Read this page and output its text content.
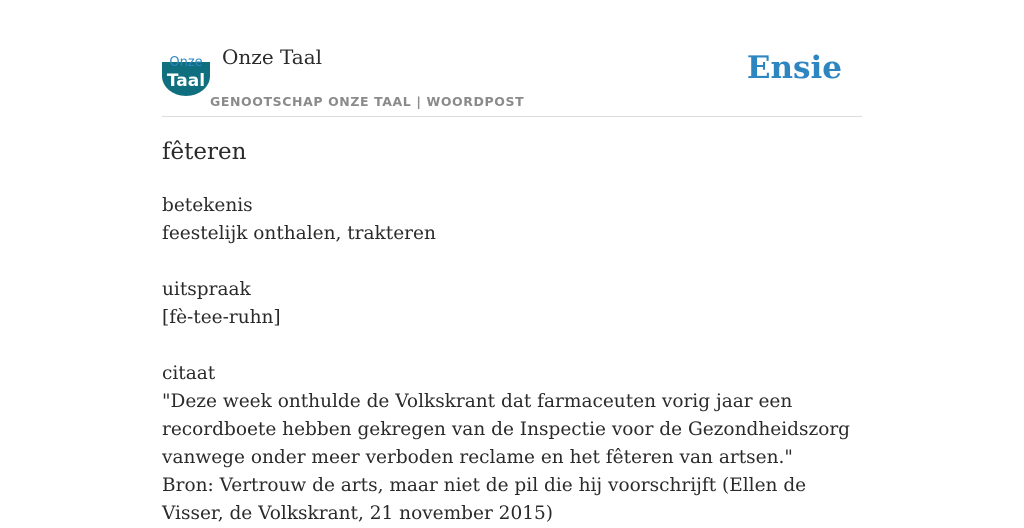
Onze
Taal
Onze Taal
GENOOTSCHAP ONZE TAAL | WOORDPOST
Ensie
fêteren
betekenis
feestelijk onthalen, trakteren
uitspraak
[fè-tee-ruhn]
citaat
"Deze week onthulde de Volkskrant dat farmaceuten vorig jaar een recordboete hebben gekregen van de Inspectie voor de Gezondheidszorg vanwege onder meer verboden reclame en het fêteren van artsen."
Bron: Vertrouw de arts, maar niet de pil die hij voorschrijft (Ellen de Visser, de Volkskrant, 21 november 2015)
